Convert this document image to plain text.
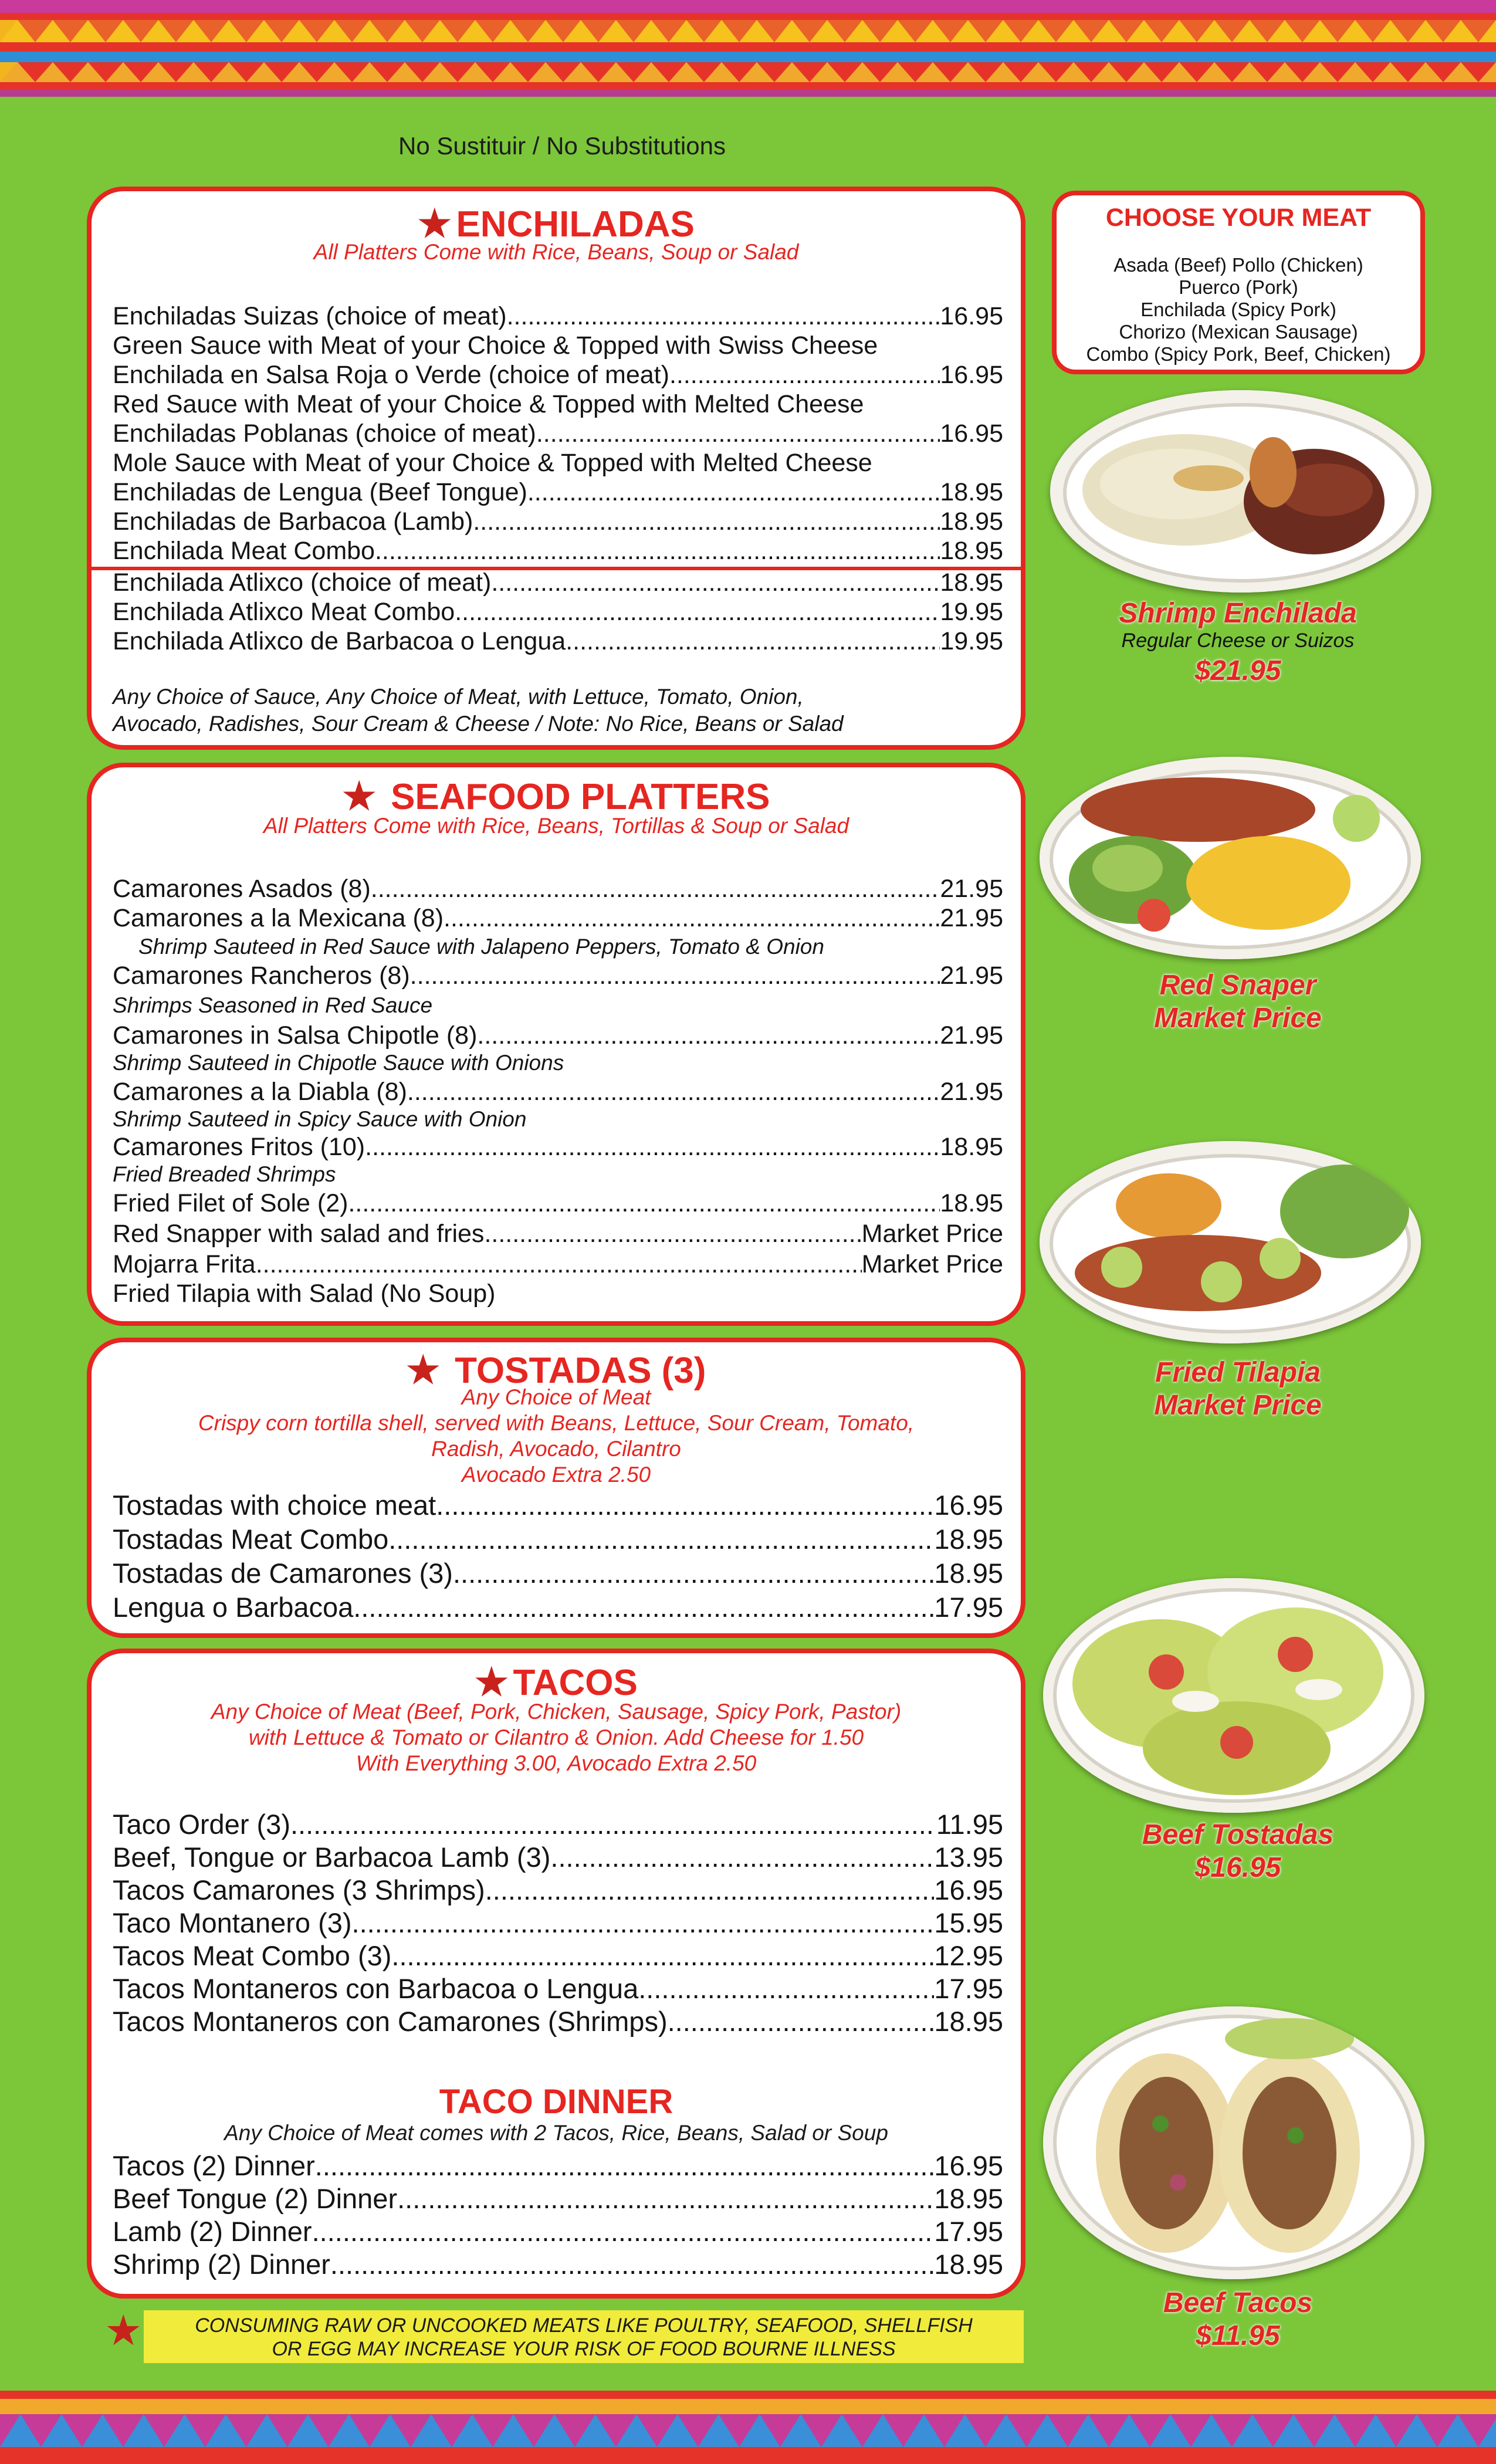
No Sustituir / No Substitutions
★ ENCHILADAS
All Platters Come with Rice, Beans, Soup or Salad
Enchiladas Suizas (choice of meat) .....	16.95
Green Sauce with Meat of your Choice & Topped with Swiss Cheese
Enchilada en Salsa Roja o Verde (choice of meat) .....	16.95
Red Sauce with Meat of your Choice & Topped with Melted Cheese
Enchiladas Poblanas (choice of meat) .....	16.95
Mole Sauce with Meat of your Choice & Topped with Melted Cheese
Enchiladas de Lengua (Beef Tongue) .....	18.95
Enchiladas de Barbacoa (Lamb) .....	18.95
Enchilada Meat Combo .....	18.95
Enchilada Atlixco (choice of meat) .....	18.95
Enchilada Atlixco Meat Combo .....	19.95
Enchilada Atlixco de Barbacoa o Lengua .....	19.95
Any Choice of Sauce, Any Choice of Meat, with Lettuce, Tomato, Onion,
Avocado, Radishes, Sour Cream & Cheese / Note: No Rice, Beans or Salad
★ SEAFOOD PLATTERS
All Platters Come with Rice, Beans, Tortillas & Soup or Salad
Camarones Asados (8) .....	21.95
Camarones a la Mexicana (8) .....	21.95
Shrimp Sauteed in Red Sauce with Jalapeno Peppers, Tomato & Onion
Camarones Rancheros (8) .....	21.95
Shrimps Seasoned in Red Sauce
Camarones in Salsa Chipotle (8) .....	21.95
Shrimp Sauteed in Chipotle Sauce with Onions
Camarones a la Diabla (8) .....	21.95
Shrimp Sauteed in Spicy Sauce with Onion
Camarones Fritos (10) .....	18.95
Fried Breaded Shrimps
Fried Filet of Sole (2) .....	18.95
Red Snapper with salad and fries .....	Market Price
Mojarra Frita .....	Market Price
Fried Tilapia with Salad (No Soup)
★ TOSTADAS (3)
Any Choice of Meat
Crispy corn tortilla shell, served with Beans, Lettuce, Sour Cream, Tomato,
Radish, Avocado, Cilantro
Avocado Extra 2.50
Tostadas with choice meat .....	16.95
Tostadas Meat Combo .....	18.95
Tostadas de Camarones (3) .....	18.95
Lengua o Barbacoa .....	17.95
★ TACOS
Any Choice of Meat (Beef, Pork, Chicken, Sausage, Spicy Pork, Pastor)
with Lettuce & Tomato or Cilantro & Onion. Add Cheese for 1.50
With Everything 3.00, Avocado Extra 2.50
Taco Order (3) .....	11.95
Beef, Tongue or Barbacoa Lamb (3) .....	13.95
Tacos Camarones (3 Shrimps) .....	16.95
Taco Montanero (3) .....	15.95
Tacos Meat Combo (3) .....	12.95
Tacos Montaneros con Barbacoa o Lengua .....	17.95
Tacos Montaneros con Camarones (Shrimps) .....	18.95
TACO DINNER
Any Choice of Meat comes with 2 Tacos, Rice, Beans, Salad or Soup
Tacos (2) Dinner .....	16.95
Beef Tongue (2) Dinner .....	18.95
Lamb (2) Dinner .....	17.95
Shrimp (2) Dinner .....	18.95
CHOOSE YOUR MEAT
Asada (Beef) Pollo (Chicken)
Puerco (Pork)
Enchilada (Spicy Pork)
Chorizo (Mexican Sausage)
Combo (Spicy Pork, Beef, Chicken)
Shrimp Enchilada
Regular Cheese or Suizos
$21.95
Red Snaper
Market Price
Fried Tilapia
Market Price
Beef Tostadas
$16.95
Beef Tacos
$11.95
★	CONSUMING RAW OR UNCOOKED MEATS LIKE POULTRY, SEAFOOD, SHELLFISH
OR EGG MAY INCREASE YOUR RISK OF FOOD BOURNE ILLNESS
